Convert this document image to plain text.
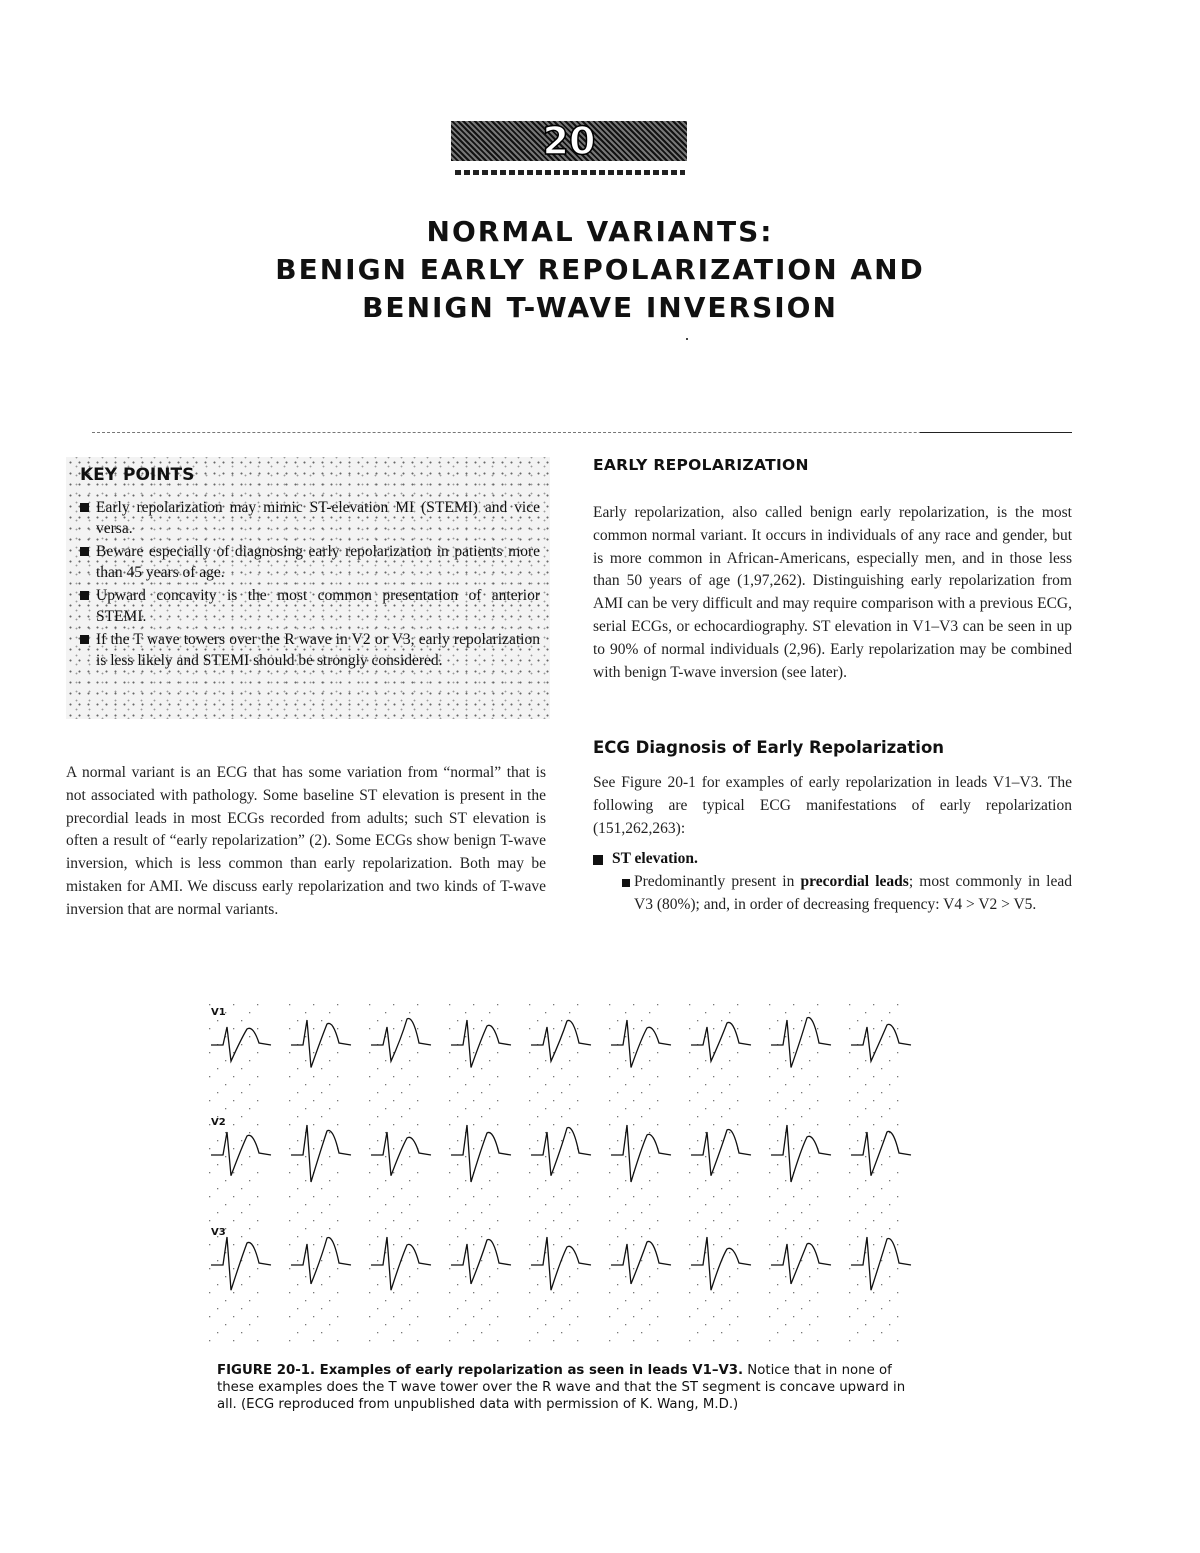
20
NORMAL VARIANTS:
BENIGN EARLY REPOLARIZATION AND
BENIGN T-WAVE INVERSION
KEY POINTS
Early repolarization may mimic ST-elevation MI (STEMI) and vice versa.
Beware especially of diagnosing early repolarization in patients more than 45 years of age.
Upward concavity is the most common presentation of anterior STEMI.
If the T wave towers over the R wave in V2 or V3, early repolarization is less likely and STEMI should be strongly considered.
A normal variant is an ECG that has some variation from “normal” that is not associated with pathology. Some baseline ST elevation is present in the precordial leads in most ECGs recorded from adults; such ST elevation is often a result of “early repolarization” (2). Some ECGs show benign T-wave inversion, which is less common than early repolarization. Both may be mistaken for AMI. We discuss early repolarization and two kinds of T-wave inversion that are normal variants.
EARLY REPOLARIZATION
Early repolarization, also called benign early repolarization, is the most common normal variant. It occurs in individuals of any race and gender, but is more common in African-Americans, especially men, and in those less than 50 years of age (1,97,262). Distinguishing early repolarization from AMI can be very difficult and may require comparison with a previous ECG, serial ECGs, or echocardiography. ST elevation in V1–V3 can be seen in up to 90% of normal individuals (2,96). Early repolarization may be combined with benign T-wave inversion (see later).
ECG Diagnosis of Early Repolarization
See Figure 20-1 for examples of early repolarization in leads V1–V3. The following are typical ECG manifestations of early repolarization (151,262,263):
ST elevation.
Predominantly present in precordial leads; most commonly in lead V3 (80%); and, in order of decreasing frequency: V4 > V2 > V5.
V1
V2
V3
FIGURE 20-1. Examples of early repolarization as seen in leads V1–V3. Notice that in none of these examples does the T wave tower over the R wave and that the ST segment is concave upward in all. (ECG reproduced from unpublished data with permission of K. Wang, M.D.)
